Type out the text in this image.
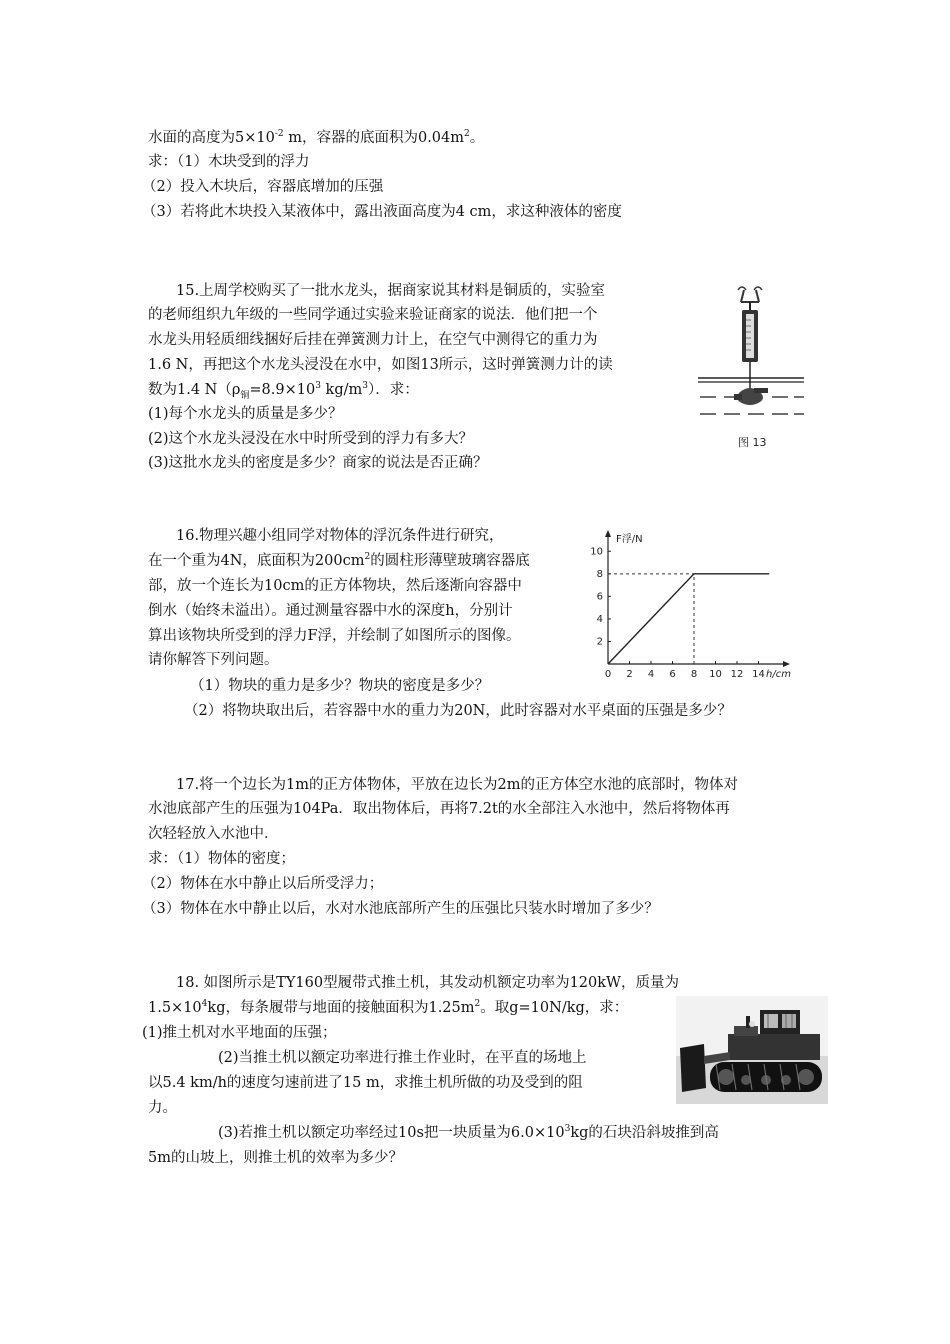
水面的高度为$5\times 10^{-2}$ m，容器的底面积为$0.04m^2$。
求：（1）木块受到的浮力
（2）投入木块后，容器底增加的压强
（3）若将此木块投入某液体中，露出液面高度为4 cm，求这种液体的密度
15.上周学校购买了一批水龙头，据商家说其材料是铜质的，实验室
的老师组织九年级的一些同学通过实验来验证商家的说法．他们把一个
水龙头用轻质细线捆好后挂在弹簧测力计上，在空气中测得它的重力为
1.6 N，再把这个水龙头浸没在水中，如图13所示，这时弹簧测力计的读
数为1.4 $N(\rho_铜=8.9\times 10^3$ $kg/m^3$）．求：
(1)每个水龙头的质量是多少？
(2)这个水龙头浸没在水中时所受到的浮力有多大？
(3)这批水龙头的密度是多少？商家的说法是否正确？
图 13
16.物理兴趣小组同学对物体的浮沉条件进行研究，
在一个重为4N，底面积为$200cm^2$的圆柱形薄壁玻璃容器底
部，放一个连长为10cm的正方体物块，然后逐渐向容器中
倒水（始终未溢出）。通过测量容器中水的深度h，分别计
算出该物块所受到的浮力F浮，并绘制了如图所示的图像。
请你解答下列问题。
（1）物块的重力是多少？物块的密度是多少？
（2）将物块取出后，若容器中水的重力为20N，此时容器对水平桌面的压强是多少？
0 2 4 6 8 10 12 14
2
4
6
8
10
F浮/N
h/cm
17.将一个边长为1m的正方体物体，平放在边长为2m的正方体空水池的底部时，物体对
水池底部产生的压强为104Pa．取出物体后，再将7.2t的水全部注入水池中，然后将物体再
次轻轻放入水池中．
求：（1）物体的密度；
（2）物体在水中静止以后所受浮力；
（3）物体在水中静止以后，水对水池底部所产生的压强比只装水时增加了多少？
18. 如图所示是TY160型履带式推土机，其发动机额定功率为120kW，质量为
$1.5\times 10^4kg$，每条履带与地面的接触面积为$1.25m^2$。取g=10N/kg，求：
(1)推土机对水平地面的压强；
(2)当推土机以额定功率进行推土作业时，在平直的场地上
以5.4 km/h的速度匀速前进了15 m，求推土机所做的功及受到的阻
力。
(3)若推土机以额定功率经过10s把一块质量为$6.0\times 10^3kg$的石块沿斜坡推到高
5m的山坡上，则推土机的效率为多少？
